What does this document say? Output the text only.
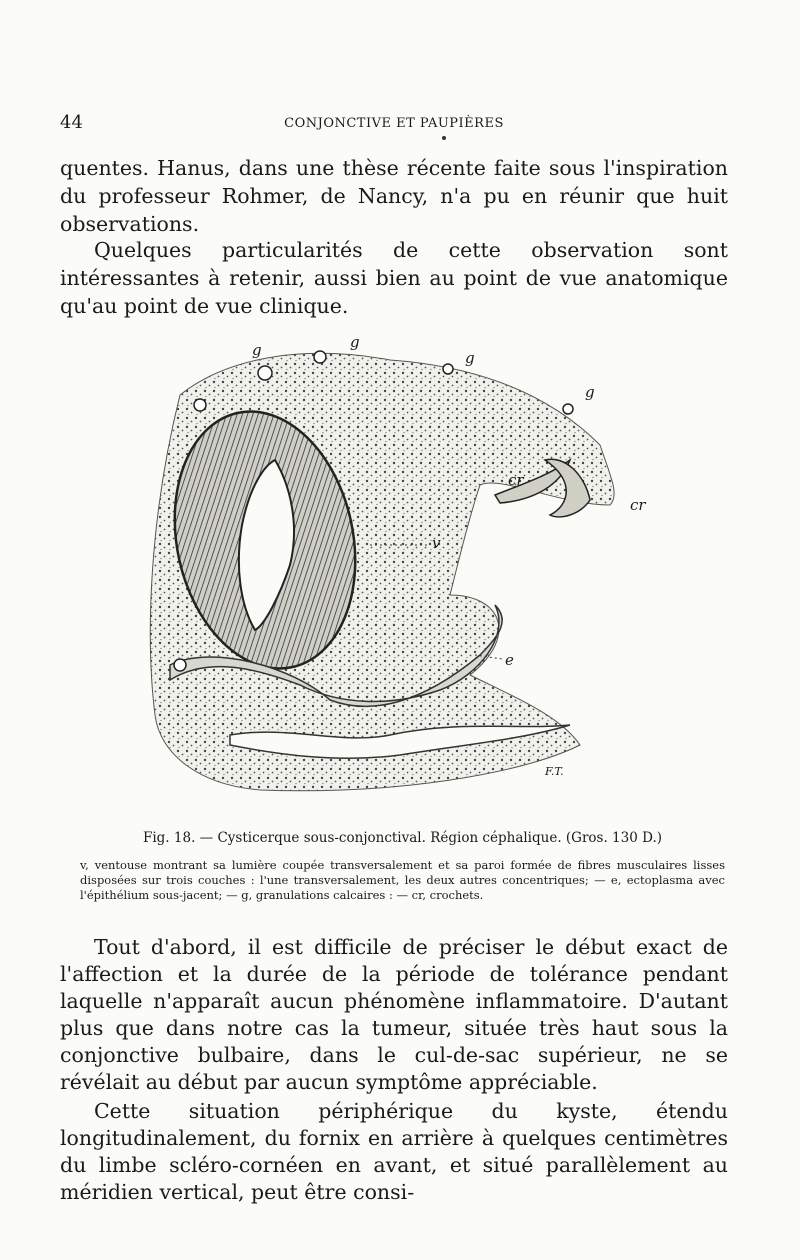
44	CONJONCTIVE ET PAUPIÈRES

quentes. Hanus, dans une thèse récente faite sous l'inspiration du professeur Rohmer, de Nancy, n'a pu en réunir que huit observations.

Quelques particularités de cette observation sont intéressantes à retenir, aussi bien au point de vue anatomique qu'au point de vue clinique.

g	g
g
g
cr
cr
v
e
F.T.

Fig. 18. — Cysticerque sous-conjonctival. Région céphalique. (Gros. 130 D.)

v, ventouse montrant sa lumière coupée transversalement et sa paroi formée de fibres musculaires lisses disposées sur trois couches : l'une transversalement, les deux autres concentriques; — e, ectoplasma avec l'épithélium sous-jacent; — g, granulations calcaires : — cr, crochets.

Tout d'abord, il est difficile de préciser le début exact de l'affection et la durée de la période de tolérance pendant laquelle n'apparaît aucun phénomène inflammatoire. D'autant plus que dans notre cas la tumeur, située très haut sous la conjonctive bulbaire, dans le cul-de-sac supérieur, ne se révélait au début par aucun symptôme appréciable.

Cette situation périphérique du kyste, étendu longitudinalement, du fornix en arrière à quelques centimètres du limbe scléro-cornéen en avant, et situé parallèlement au méridien vertical, peut être consi-
